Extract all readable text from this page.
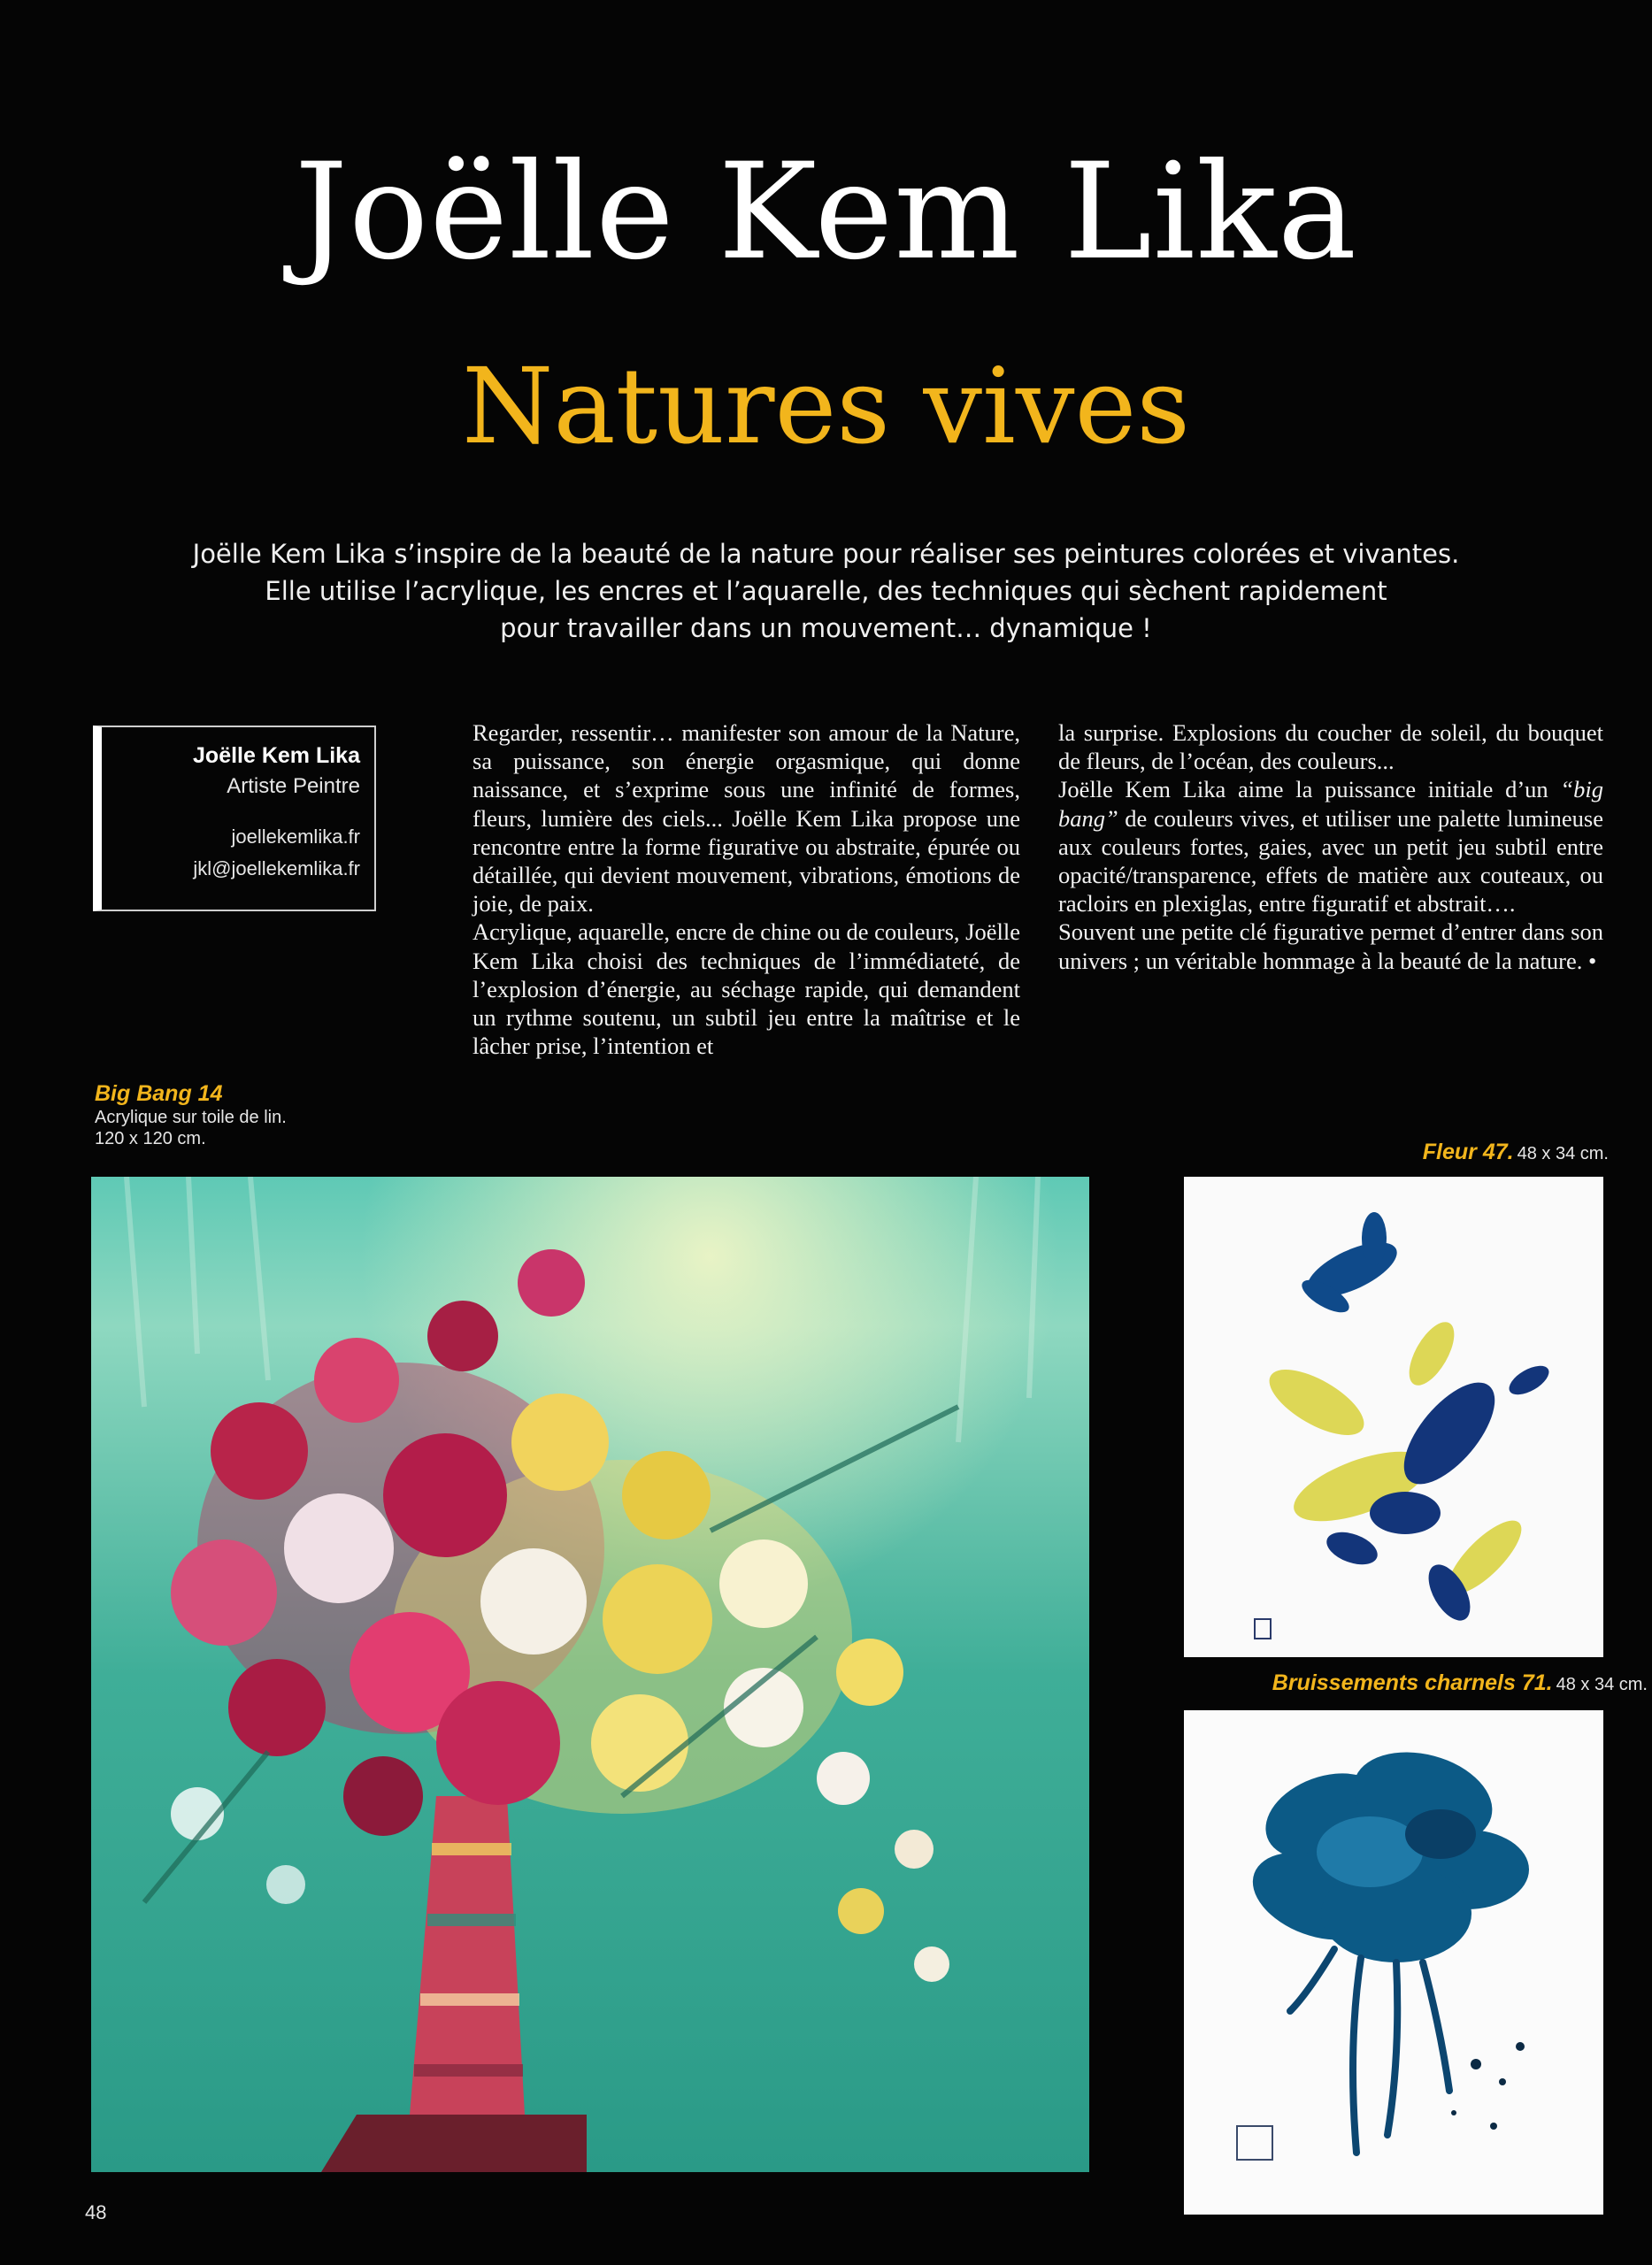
Joëlle Kem Lika
Natures vives
Joëlle Kem Lika s’inspire de la beauté de la nature pour réaliser ses peintures colorées et vivantes.
Elle utilise l’acrylique, les encres et l’aquarelle, des techniques qui sèchent rapidement
pour travailler dans un mouvement… dynamique !
Joëlle Kem Lika
Artiste Peintre
joellekemlika.fr
jkl@joellekemlika.fr

Regarder, ressentir… manifester son amour de la Nature, sa puissance, son énergie orgasmique, qui donne naissance, et s’exprime sous une infinité de formes, fleurs, lumière des ciels... Joëlle Kem Lika propose une rencontre entre la forme figurative ou abstraite, épurée ou détaillée, qui devient mouvement, vibrations, émotions de joie, de paix.

Acrylique, aquarelle, encre de chine ou de couleurs, Joëlle Kem Lika choisi des techniques de l’immédiateté, de l’explosion d’énergie, au séchage rapide, qui demandent un rythme soutenu, un subtil jeu entre la maîtrise et le lâcher prise, l’intention et

la surprise. Explosions du coucher de soleil, du bouquet de fleurs, de l’océan, des couleurs...

Joëlle Kem Lika aime la puissance initiale d’un “big bang” de couleurs vives, et utiliser une palette lumineuse aux couleurs fortes, gaies, avec un petit jeu subtil entre opacité/transparence, effets de matière aux couteaux, ou racloirs en plexiglas, entre figuratif et abstrait….

Souvent une petite clé figurative permet d’entrer dans son univers ; un véritable hommage à la beauté de la nature. •

Big Bang 14
Acrylique sur toile de lin.
120 x 120 cm.
Fleur 47. 48 x 34 cm.
Bruissements charnels 71. 48 x 34 cm.
48
